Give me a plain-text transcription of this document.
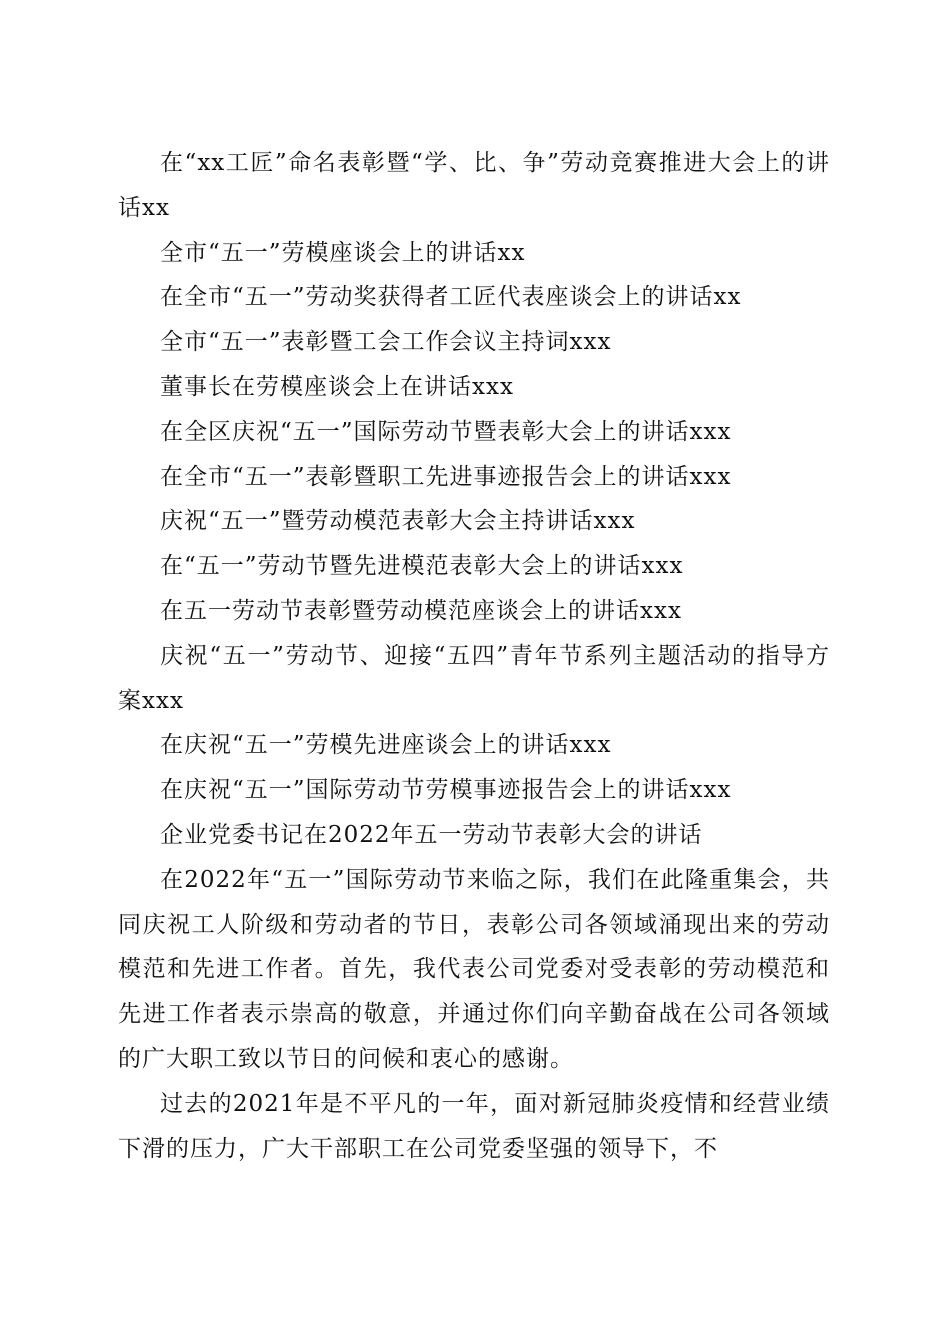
在“xx工匠”命名表彰暨“学、比、争”劳动竞赛推进大会上的讲话xx

全市“五一”劳模座谈会上的讲话xx

在全市“五一”劳动奖获得者工匠代表座谈会上的讲话xx

全市“五一”表彰暨工会工作会议主持词xxx

董事长在劳模座谈会上在讲话xxx

在全区庆祝“五一”国际劳动节暨表彰大会上的讲话xxx

在全市“五一”表彰暨职工先进事迹报告会上的讲话xxx

庆祝“五一”暨劳动模范表彰大会主持讲话xxx

在“五一”劳动节暨先进模范表彰大会上的讲话xxx

在五一劳动节表彰暨劳动模范座谈会上的讲话xxx

庆祝“五一”劳动节、迎接“五四”青年节系列主题活动的指导方案xxx

在庆祝“五一”劳模先进座谈会上的讲话xxx

在庆祝“五一”国际劳动节劳模事迹报告会上的讲话xxx

企业党委书记在2022年五一劳动节表彰大会的讲话

在2022年“五一”国际劳动节来临之际，我们在此隆重集会，共同庆祝工人阶级和劳动者的节日，表彰公司各领域涌现出来的劳动模范和先进工作者。首先，我代表公司党委对受表彰的劳动模范和先进工作者表示崇高的敬意，并通过你们向辛勤奋战在公司各领域的广大职工致以节日的问候和衷心的感谢。

过去的2021年是不平凡的一年，面对新冠肺炎疫情和经营业绩下滑的压力，广大干部职工在公司党委坚强的领导下，不
